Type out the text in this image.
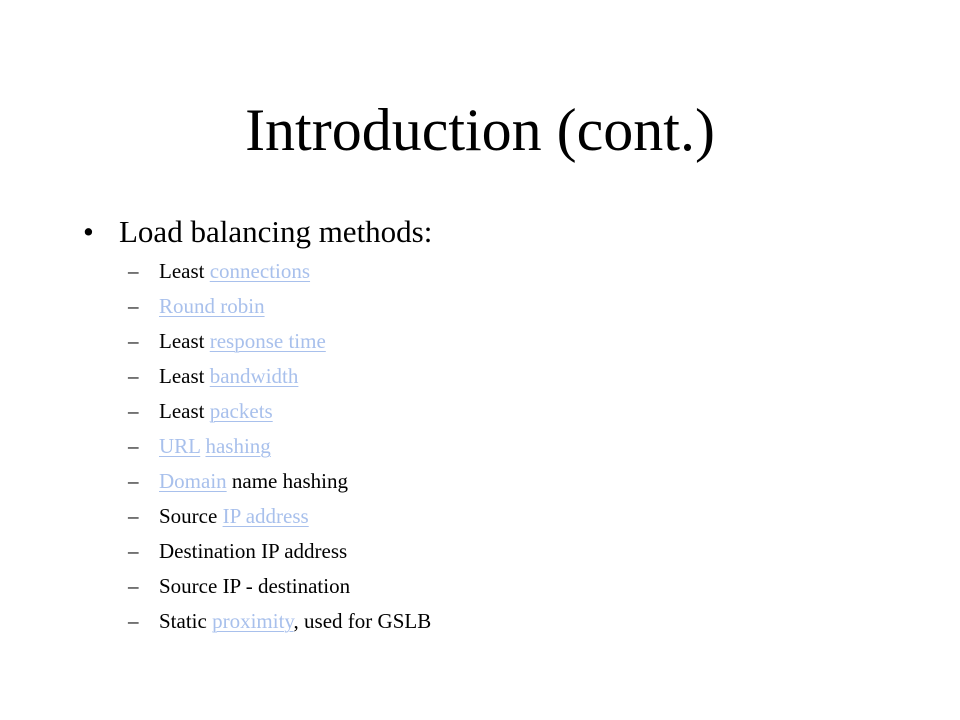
Introduction (cont.)
• Load balancing methods:
– Least connections
– Round robin
– Least response time
– Least bandwidth
– Least packets
– URL hashing
– Domain name hashing
– Source IP address
– Destination IP address
– Source IP - destination
– Static proximity, used for GSLB
